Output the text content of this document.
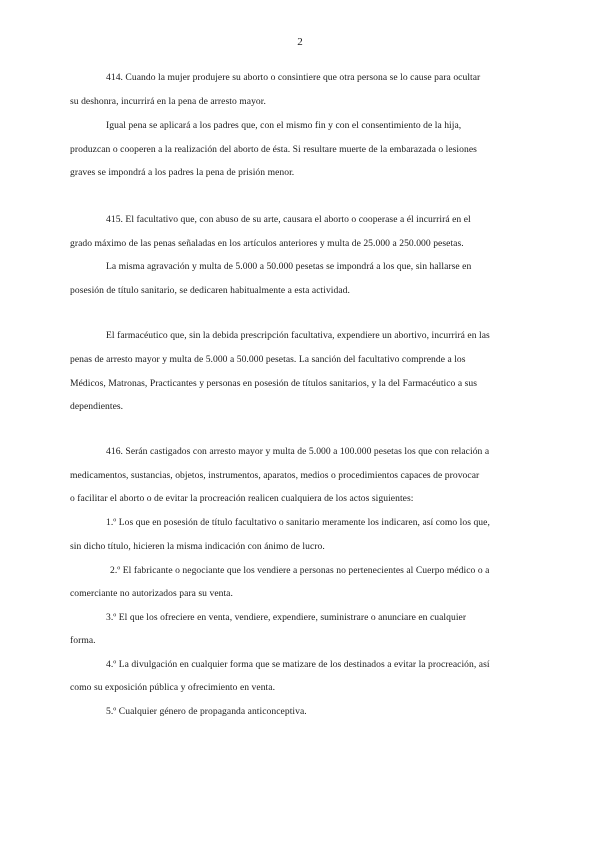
2
414. Cuando la mujer produjere su aborto o consintiere que otra persona se lo cause para ocultar
su deshonra, incurrirá en la pena de arresto mayor.
Igual pena se aplicará a los padres que, con el mismo fin y con el consentimiento de la hija,
produzcan o cooperen a la realización del aborto de ésta. Si resultare muerte de la embarazada o lesiones
graves se impondrá a los padres la pena de prisión menor.
415. El facultativo que, con abuso de su arte, causara el aborto o cooperase a él incurrirá en el
grado máximo de las penas señaladas en los artículos anteriores y multa de 25.000 a 250.000 pesetas.
La misma agravación y multa de 5.000 a 50.000 pesetas se impondrá a los que, sin hallarse en
posesión de título sanitario, se dedicaren habitualmente a esta actividad.
El farmacéutico que, sin la debida prescripción facultativa, expendiere un abortivo, incurrirá en las
penas de arresto mayor y multa de 5.000 a 50.000 pesetas. La sanción del facultativo comprende a los
Médicos, Matronas, Practicantes y personas en posesión de títulos sanitarios, y la del Farmacéutico a sus
dependientes.
416. Serán castigados con arresto mayor y multa de 5.000 a 100.000 pesetas los que con relación a
medicamentos, sustancias, objetos, instrumentos, aparatos, medios o procedimientos capaces de provocar
o facilitar el aborto o de evitar la procreación realicen cualquiera de los actos siguientes:
1.º Los que en posesión de título facultativo o sanitario meramente los indicaren, así como los que,
sin dicho título, hicieren la misma indicación con ánimo de lucro.
2.º El fabricante o negociante que los vendiere a personas no pertenecientes al Cuerpo médico o a
comerciante no autorizados para su venta.
3.º El que los ofreciere en venta, vendiere, expendiere, suministrare o anunciare en cualquier
forma.
4.º La divulgación en cualquier forma que se matizare de los destinados a evitar la procreación, así
como su exposición pública y ofrecimiento en venta.
5.º Cualquier género de propaganda anticonceptiva.
